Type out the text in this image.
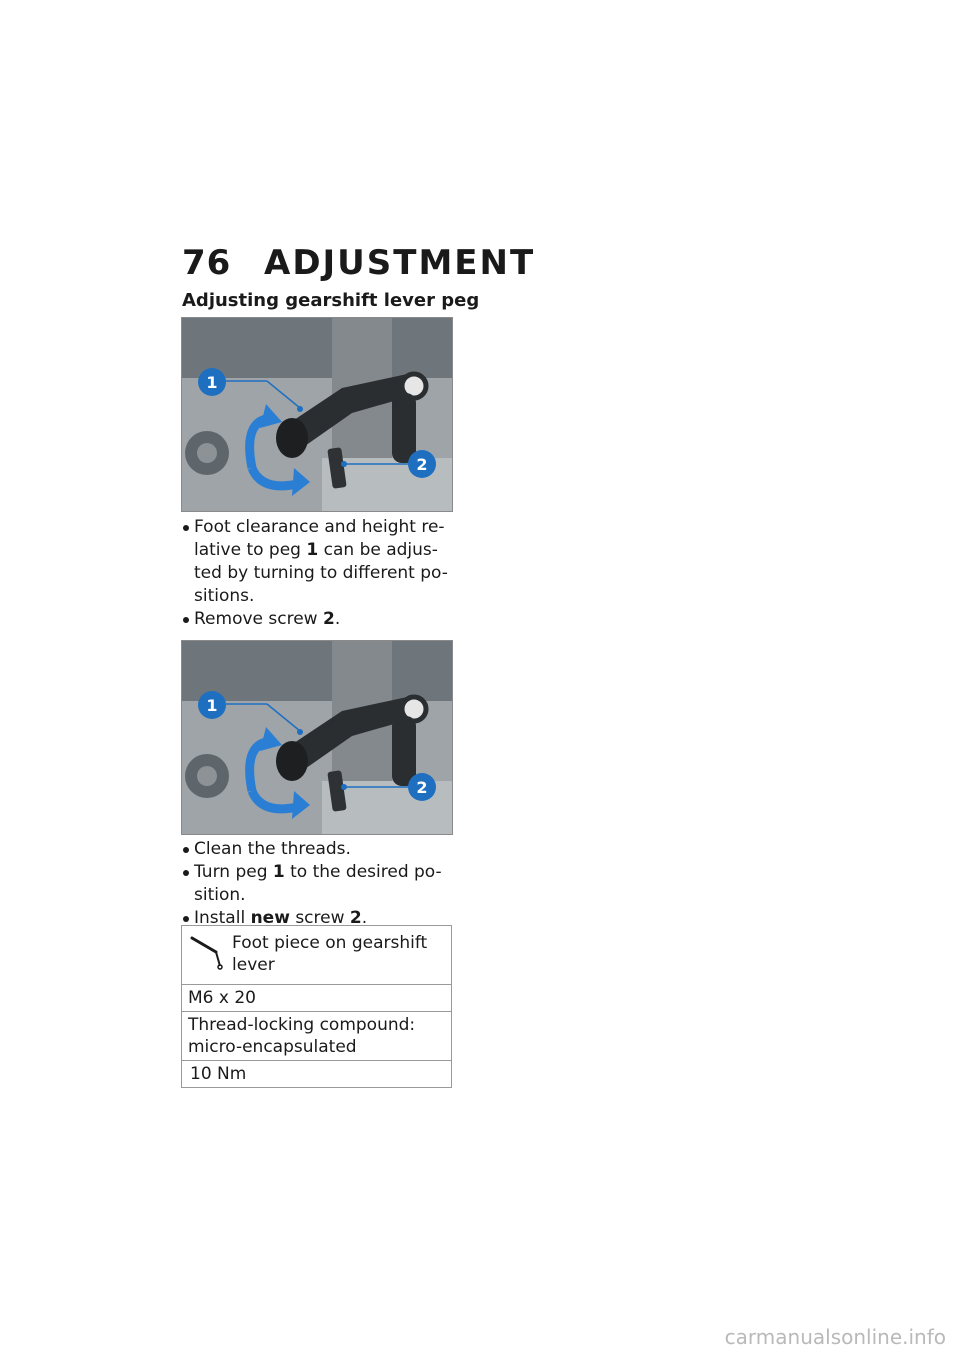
76 ADJUSTMENT
Adjusting gearshift lever peg
1
2
Foot clearance and height re-lative to peg 1 can be adjus-ted by turning to different po-sitions.
Remove screw 2.
1
2
Clean the threads.
Turn peg 1 to the desired po-sition.
Install new screw 2.
Foot piece on gearshift lever
M6 x 20
Thread-locking compound: micro-encapsulated
10 Nm
carmanualsonline.info
